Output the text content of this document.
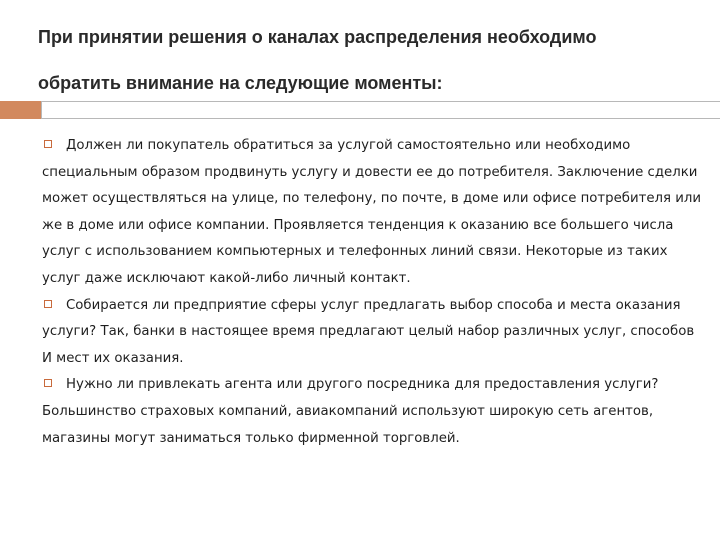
При принятии решения о каналах распределения необходимо
обратить внимание на следующие моменты:

Должен ли покупатель обратиться за услугой самостоятельно или необходимо
специальным образом продвинуть услугу и довести ее до потребителя. Заключение сделки может осуществляться на улице, по телефону, по почте, в доме или офисе потребителя или же в доме или офисе компании. Проявляется тенденция к оказанию все большего числа услуг с использованием компьютерных и телефонных линий связи. Некоторые из таких услуг даже исключают какой-либо личный контакт.

Собирается ли предприятие сферы услуг предлагать выбор способа и места оказания
услуги? Так, банки в настоящее время предлагают целый набор различных услуг, способов И мест их оказания.

Нужно ли привлекать агента или другого посредника для предоставления услуги?
Большинство страховых компаний, авиакомпаний используют широкую сеть агентов, магазины могут заниматься только фирменной торговлей.
